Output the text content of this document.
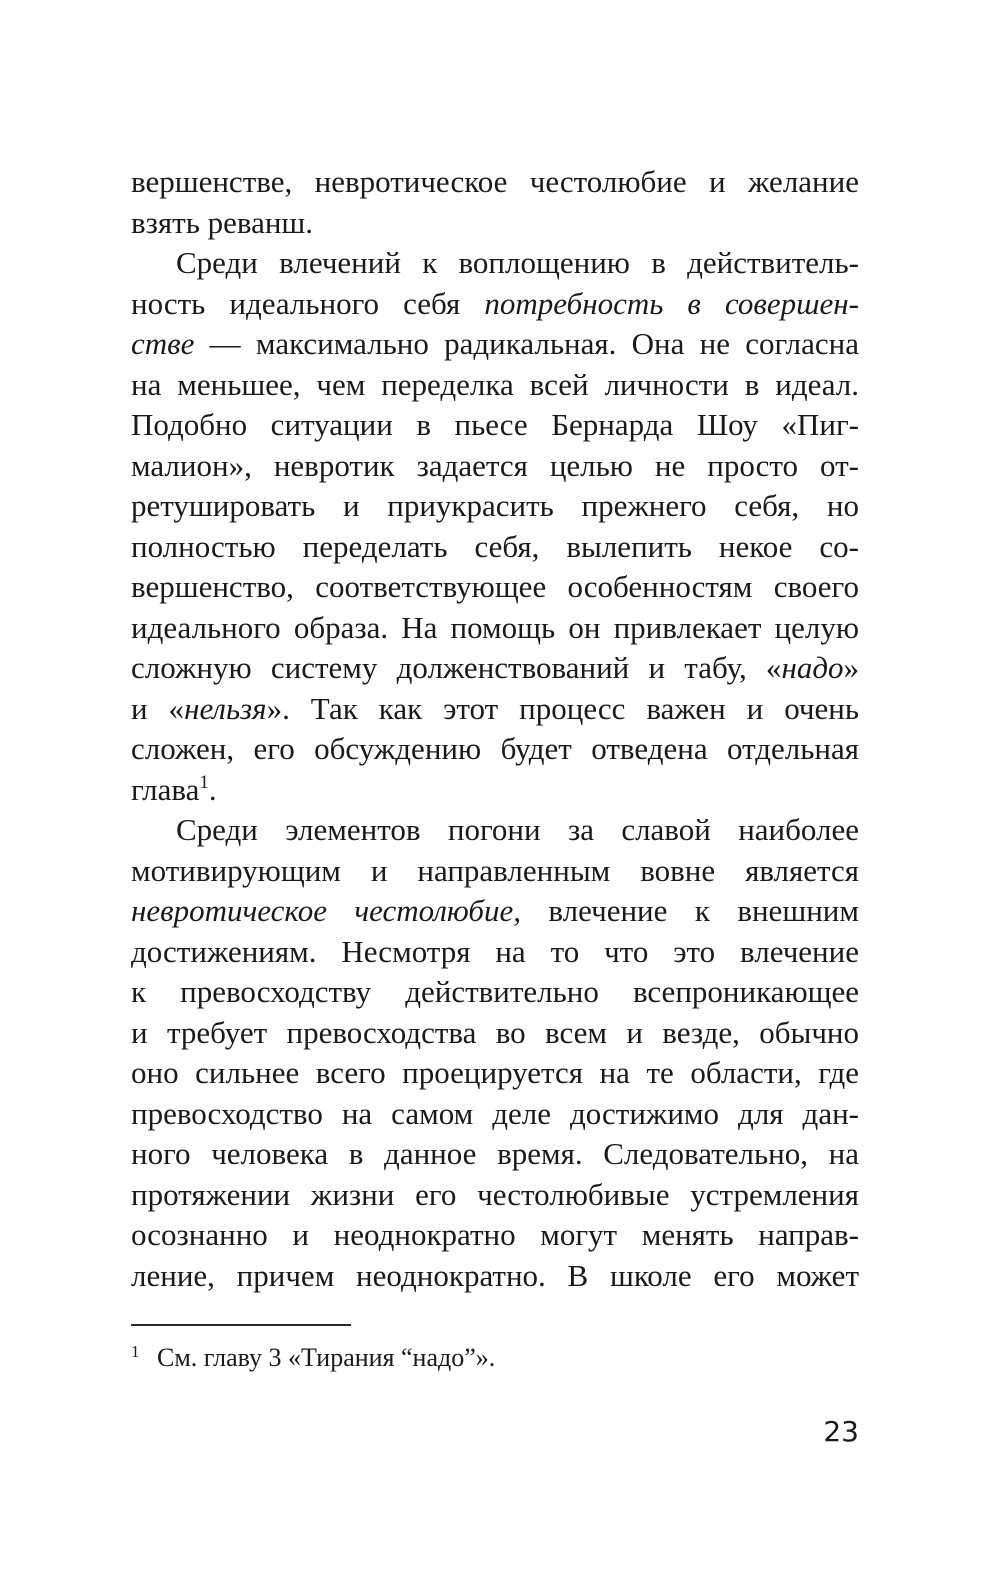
вершенстве, невротическое честолюбие и желание
взять реванш.
Среди влечений к воплощению в действитель-
ность идеального себя потребность в совершен-
стве — максимально радикальная. Она не согласна
на меньшее, чем переделка всей личности в идеал.
Подобно ситуации в пьесе Бернарда Шоу «Пиг-
малион», невротик задается целью не просто от-
ретушировать и приукрасить прежнего себя, но
полностью переделать себя, вылепить некое со-
вершенство, соответствующее особенностям своего
идеального образа. На помощь он привлекает целую
сложную систему долженствований и табу, «надо»
и «нельзя». Так как этот процесс важен и очень
сложен, его обсуждению будет отведена отдельная
глава$^1$.
Среди элементов погони за славой наиболее
мотивирующим и направленным вовне является
невротическое честолюбие, влечение к внешним
достижениям. Несмотря на то что это влечение
к превосходству действительно всепроникающее
и требует превосходства во всем и везде, обычно
оно сильнее всего проецируется на те области, где
превосходство на самом деле достижимо для дан-
ного человека в данное время. Следовательно, на
протяжении жизни его честолюбивые устремления
осознанно и неоднократно могут менять направ-
ление, причем неоднократно. В школе его может
1 См. главу 3 «Тирания “надо”».
23
